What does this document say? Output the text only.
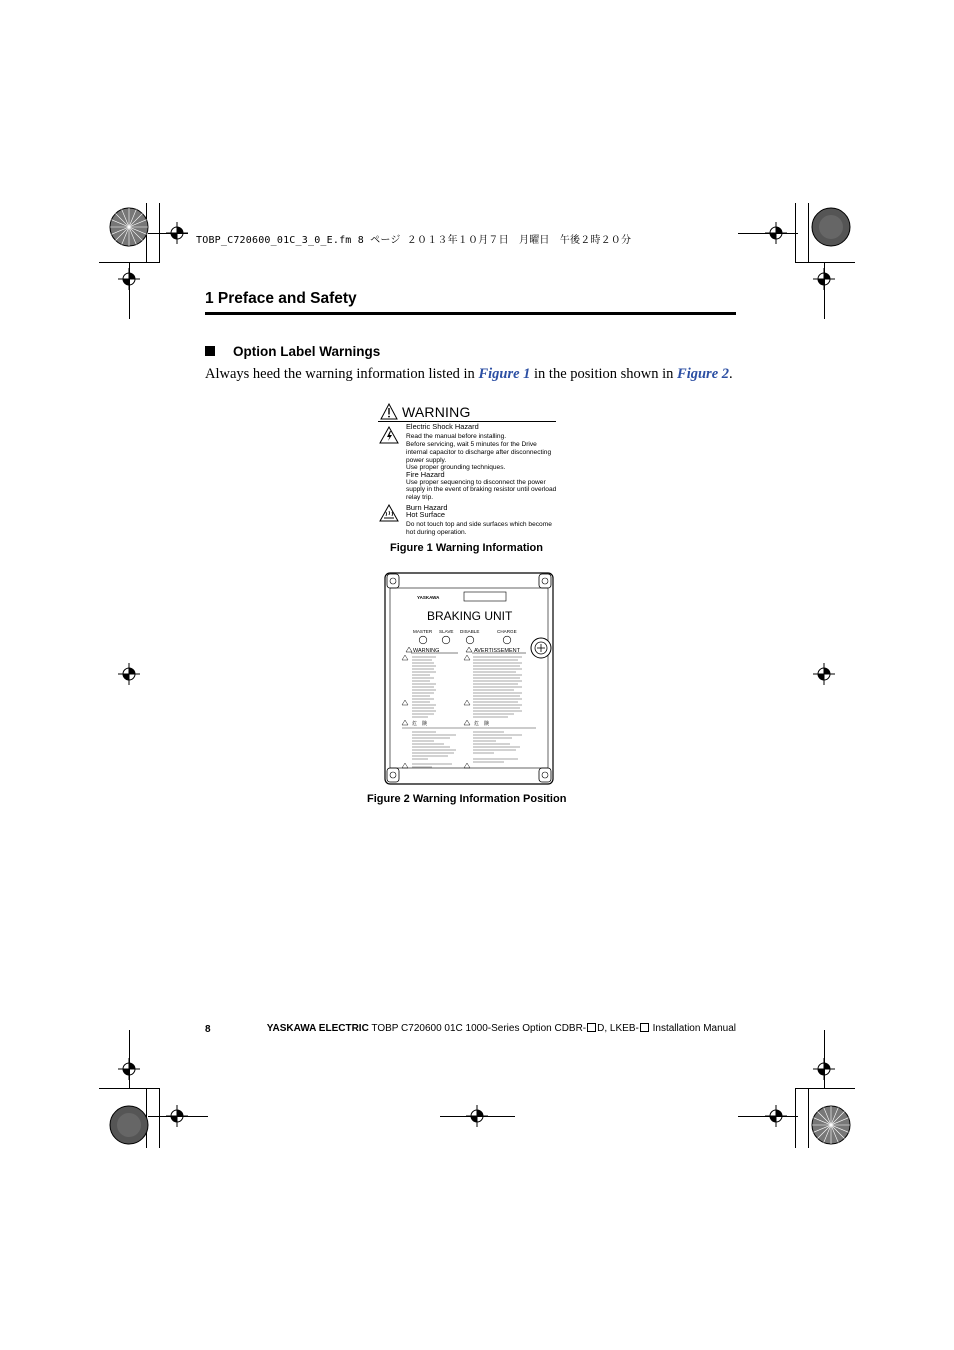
TOBP_C720600_01C_3_0_E.fm 8 ページ ２０１３年１０月７日　月曜日　午後２時２０分
1 Preface and Safety
Option Label Warnings
Always heed the warning information listed in Figure 1 in the position shown in Figure 2.
WARNING
Electric Shock Hazard
Read the manual before installing.
Before servicing, wait 5 minutes for the Drive
internal capacitor to discharge after disconnecting
power supply.
Use proper grounding techniques.
Fire Hazard
Use proper sequencing to disconnect the power
supply in the event of braking resistor until overload
relay trip.
Burn Hazard
Hot Surface
Do not touch top and side surfaces which become
hot during operation.
Figure 1 Warning Information
YASKAWA
BRAKING UNIT
MASTER SLAVE DISABLE	CHARGE
WARNING	AVERTISSEMENT
危　険	危　険
Figure 2 Warning Information Position
8	YASKAWA ELECTRIC TOBP C720600 01C 1000-Series Option CDBR- D, LKEB- Installation Manual
